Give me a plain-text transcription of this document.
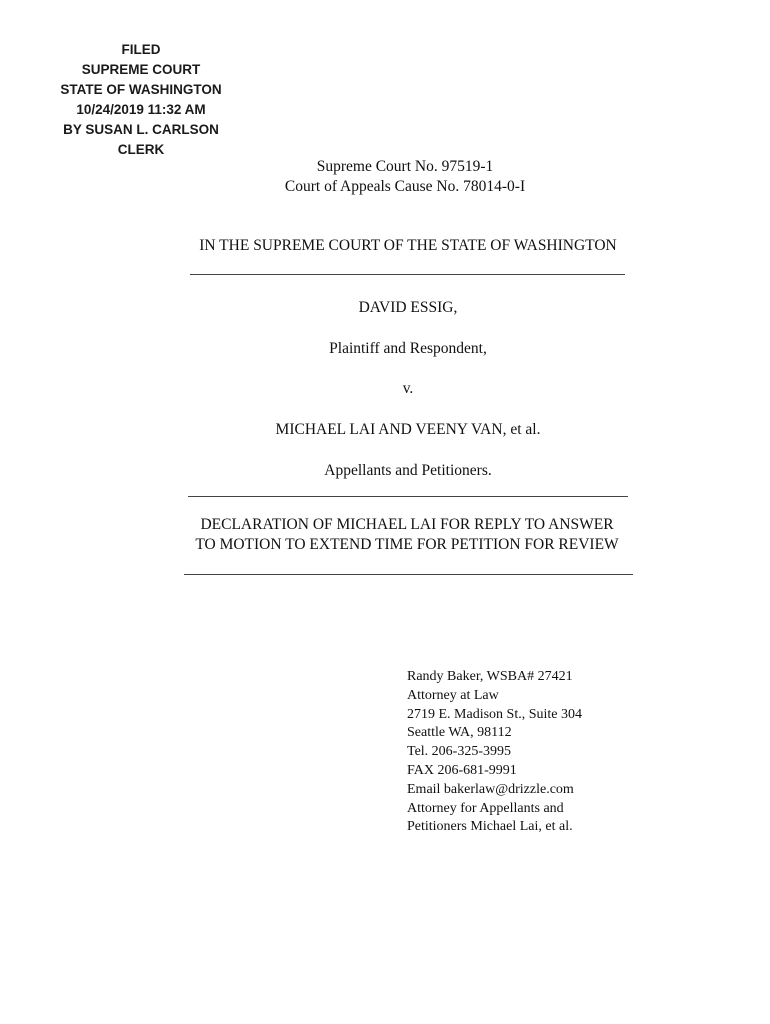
FILED
SUPREME COURT
STATE OF WASHINGTON
10/24/2019 11:32 AM
BY SUSAN L. CARLSON
CLERK
Supreme Court No. 97519-1
Court of Appeals Cause No. 78014-0-I
IN THE SUPREME COURT OF THE STATE OF WASHINGTON
DAVID ESSIG,
Plaintiff and Respondent,
v.
MICHAEL LAI AND VEENY VAN, et al.
Appellants and Petitioners.
DECLARATION OF MICHAEL LAI FOR REPLY TO ANSWER
TO MOTION TO EXTEND TIME FOR PETITION FOR REVIEW
Randy Baker, WSBA# 27421
Attorney at Law
2719 E. Madison St., Suite 304
Seattle WA, 98112
Tel. 206-325-3995
FAX 206-681-9991
Email bakerlaw@drizzle.com
Attorney for Appellants and
Petitioners Michael Lai, et al.
